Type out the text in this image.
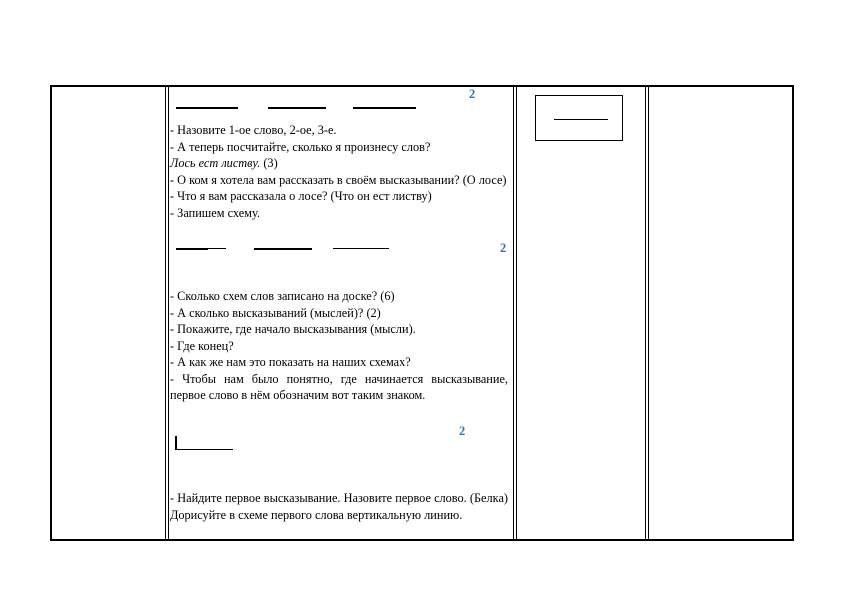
2

- Назовите 1-ое слово, 2-ое, 3-е.

- А теперь посчитайте, сколько я произнесу слов?

Лось ест листву. (3)

- О ком я хотела вам рассказать в своём высказывании? (О лосе)

- Что я вам рассказала о лосе? (Что он ест листву)

- Запишем схему.

2

- Сколько схем слов записано на доске? (6)

- А сколько высказываний (мыслей)? (2)

- Покажите, где начало высказывания (мысли).

- Где конец?

- А как же нам это показать на наших схемах?

- Чтобы нам было понятно, где начинается высказывание, первое слово в нём обозначим вот таким знаком.

2

- Найдите первое высказывание. Назовите первое слово. (Белка) Дорисуйте в схеме первого слова вертикальную линию.
